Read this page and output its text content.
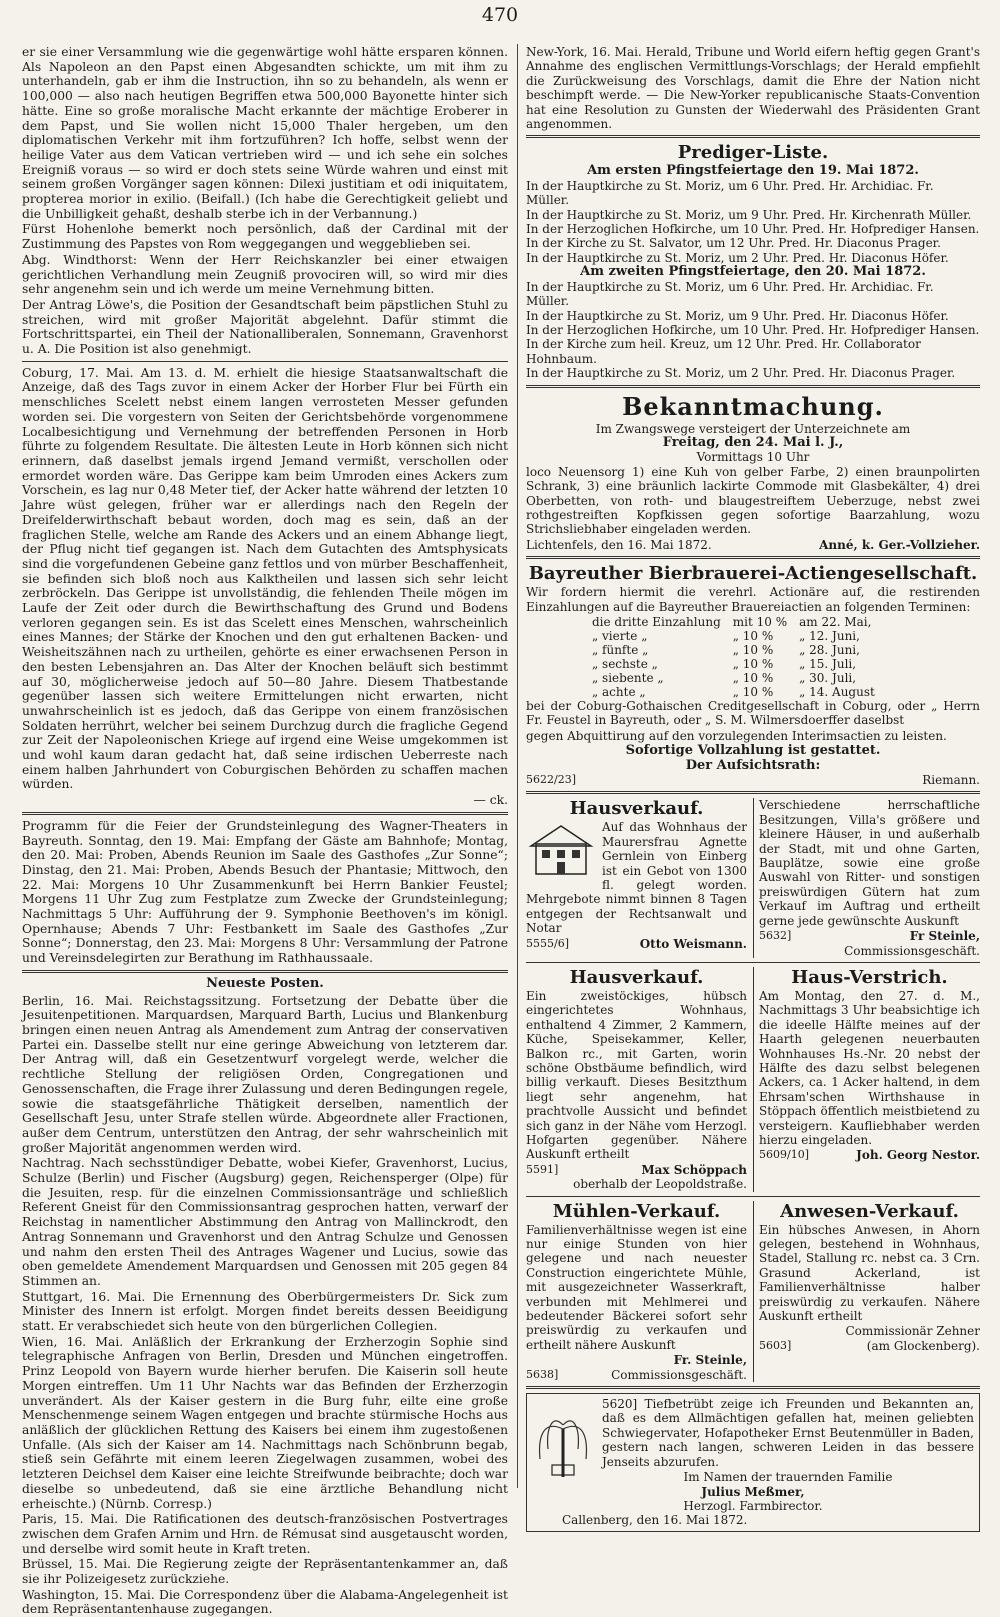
470

er sie einer Versammlung wie die gegenwärtige wohl hätte ersparen können. Als Napoleon an den Papst einen Abgesandten schickte, um mit ihm zu unterhandeln, gab er ihm die Instruction, ihn so zu behandeln, als wenn er 100,000 — also nach heutigen Begriffen etwa 500,000 Bayonette hinter sich hätte. Eine so große moralische Macht erkannte der mächtige Eroberer in dem Papst, und Sie wollen nicht 15,000 Thaler hergeben, um den diplomatischen Verkehr mit ihm fortzuführen? Ich hoffe, selbst wenn der heilige Vater aus dem Vatican vertrieben wird — und ich sehe ein solches Ereigniß voraus — so wird er doch stets seine Würde wahren und einst mit seinem großen Vorgänger sagen können: Dilexi justitiam et odi iniquitatem, propterea morior in exilio. (Beifall.) (Ich habe die Gerechtigkeit geliebt und die Unbilligkeit gehaßt, deshalb sterbe ich in der Verbannung.)

Fürst Hohenlohe bemerkt noch persönlich, daß der Cardinal mit der Zustimmung des Papstes von Rom weggegangen und weggeblieben sei.

Abg. Windthorst: Wenn der Herr Reichskanzler bei einer etwaigen gerichtlichen Verhandlung mein Zeugniß provociren will, so wird mir dies sehr angenehm sein und ich werde um meine Vernehmung bitten.

Der Antrag Löwe's, die Position der Gesandtschaft beim päpstlichen Stuhl zu streichen, wird mit großer Majorität abgelehnt. Dafür stimmt die Fortschrittspartei, ein Theil der Nationalliberalen, Sonnemann, Gravenhorst u. A. Die Position ist also genehmigt.

Coburg, 17. Mai. Am 13. d. M. erhielt die hiesige Staatsanwaltschaft die Anzeige, daß des Tags zuvor in einem Acker der Horber Flur bei Fürth ein menschliches Scelett nebst einem langen verrosteten Messer gefunden worden sei. Die vorgestern von Seiten der Gerichtsbehörde vorgenommene Localbesichtigung und Vernehmung der betreffenden Personen in Horb führte zu folgendem Resultate. Die ältesten Leute in Horb können sich nicht erinnern, daß daselbst jemals irgend Jemand vermißt, verschollen oder ermordet worden wäre. Das Gerippe kam beim Umroden eines Ackers zum Vorschein, es lag nur 0,48 Meter tief, der Acker hatte während der letzten 10 Jahre wüst gelegen, früher war er allerdings nach den Regeln der Dreifelderwirthschaft bebaut worden, doch mag es sein, daß an der fraglichen Stelle, welche am Rande des Ackers und an einem Abhange liegt, der Pflug nicht tief gegangen ist. Nach dem Gutachten des Amtsphysicats sind die vorgefundenen Gebeine ganz fettlos und von mürber Beschaffenheit, sie befinden sich bloß noch aus Kalktheilen und lassen sich sehr leicht zerbröckeln. Das Gerippe ist unvollständig, die fehlenden Theile mögen im Laufe der Zeit oder durch die Bewirthschaftung des Grund und Bodens verloren gegangen sein. Es ist das Scelett eines Menschen, wahrscheinlich eines Mannes; der Stärke der Knochen und den gut erhaltenen Backen- und Weisheitszähnen nach zu urtheilen, gehörte es einer erwachsenen Person in den besten Lebensjahren an. Das Alter der Knochen beläuft sich bestimmt auf 30, möglicherweise jedoch auf 50—80 Jahre. Diesem Thatbestande gegenüber lassen sich weitere Ermittelungen nicht erwarten, nicht unwahrscheinlich ist es jedoch, daß das Gerippe von einem französischen Soldaten herrührt, welcher bei seinem Durchzug durch die fragliche Gegend zur Zeit der Napoleonischen Kriege auf irgend eine Weise umgekommen ist und wohl kaum daran gedacht hat, daß seine irdischen Ueberreste nach einem halben Jahrhundert von Coburgischen Behörden zu schaffen machen würden.

— ck.

Programm für die Feier der Grundsteinlegung des Wagner-Theaters in Bayreuth. Sonntag, den 19. Mai: Empfang der Gäste am Bahnhofe; Montag, den 20. Mai: Proben, Abends Reunion im Saale des Gasthofes „Zur Sonne“; Dinstag, den 21. Mai: Proben, Abends Besuch der Phantasie; Mittwoch, den 22. Mai: Morgens 10 Uhr Zusammenkunft bei Herrn Bankier Feustel; Morgens 11 Uhr Zug zum Festplatze zum Zwecke der Grundsteinlegung; Nachmittags 5 Uhr: Aufführung der 9. Symphonie Beethoven's im königl. Opernhause; Abends 7 Uhr: Festbankett im Saale des Gasthofes „Zur Sonne“; Donnerstag, den 23. Mai: Morgens 8 Uhr: Versammlung der Patrone und Vereinsdelegirten zur Berathung im Rathhaussaale.

Neueste Posten.

Berlin, 16. Mai. Reichstagssitzung. Fortsetzung der Debatte über die Jesuitenpetitionen. Marquardsen, Marquard Barth, Lucius und Blankenburg bringen einen neuen Antrag als Amendement zum Antrag der conservativen Partei ein. Dasselbe stellt nur eine geringe Abweichung von letzterem dar. Der Antrag will, daß ein Gesetzentwurf vorgelegt werde, welcher die rechtliche Stellung der religiösen Orden, Congregationen und Genossenschaften, die Frage ihrer Zulassung und deren Bedingungen regele, sowie die staatsgefährliche Thätigkeit derselben, namentlich der Gesellschaft Jesu, unter Strafe stellen würde. Abgeordnete aller Fractionen, außer dem Centrum, unterstützen den Antrag, der sehr wahrscheinlich mit großer Majorität angenommen werden wird.

Nachtrag. Nach sechsstündiger Debatte, wobei Kiefer, Gravenhorst, Lucius, Schulze (Berlin) und Fischer (Augsburg) gegen, Reichensperger (Olpe) für die Jesuiten, resp. für die einzelnen Commissionsanträge und schließlich Referent Gneist für den Commissionsantrag gesprochen hatten, verwarf der Reichstag in namentlicher Abstimmung den Antrag von Mallinckrodt, den Antrag Sonnemann und Gravenhorst und den Antrag Schulze und Genossen und nahm den ersten Theil des Antrages Wagener und Lucius, sowie das oben gemeldete Amendement Marquardsen und Genossen mit 205 gegen 84 Stimmen an.

Stuttgart, 16. Mai. Die Ernennung des Oberbürgermeisters Dr. Sick zum Minister des Innern ist erfolgt. Morgen findet bereits dessen Beeidigung statt. Er verabschiedet sich heute von den bürgerlichen Collegien.

Wien, 16. Mai. Anläßlich der Erkrankung der Erzherzogin Sophie sind telegraphische Anfragen von Berlin, Dresden und München eingetroffen. Prinz Leopold von Bayern wurde hierher berufen. Die Kaiserin soll heute Morgen eintreffen. Um 11 Uhr Nachts war das Befinden der Erzherzogin unverändert. Als der Kaiser gestern in die Burg fuhr, eilte eine große Menschenmenge seinem Wagen entgegen und brachte stürmische Hochs aus anläßlich der glücklichen Rettung des Kaisers bei einem ihm zugestoßenen Unfalle. (Als sich der Kaiser am 14. Nachmittags nach Schönbrunn begab, stieß sein Gefährte mit einem leeren Ziegelwagen zusammen, wobei des letzteren Deichsel dem Kaiser eine leichte Streifwunde beibrachte; doch war dieselbe so unbedeutend, daß sie eine ärztliche Behandlung nicht erheischte.) (Nürnb. Corresp.)

Paris, 15. Mai. Die Ratificationen des deutsch-französischen Postvertrages zwischen dem Grafen Arnim und Hrn. de Rémusat sind ausgetauscht worden, und derselbe wird somit heute in Kraft treten.

Brüssel, 15. Mai. Die Regierung zeigte der Repräsentantenkammer an, daß sie ihr Polizeigesetz zurückziehe.

Washington, 15. Mai. Die Correspondenz über die Alabama-Angelegenheit ist dem Repräsentantenhause zugegangen.

New-York, 16. Mai. Herald, Tribune und World eifern heftig gegen Grant's Annahme des englischen Vermittlungs-Vorschlags; der Herald empfiehlt die Zurückweisung des Vorschlags, damit die Ehre der Nation nicht beschimpft werde. — Die New-Yorker republicanische Staats-Convention hat eine Resolution zu Gunsten der Wiederwahl des Präsidenten Grant angenommen.

Prediger-Liste.
Am ersten Pfingstfeiertage den 19. Mai 1872.
In der Hauptkirche zu St. Moriz, um 6 Uhr. Pred. Hr. Archidiac. Fr. Müller.
In der Hauptkirche zu St. Moriz, um 9 Uhr. Pred. Hr. Kirchenrath Müller.
In der Herzoglichen Hofkirche, um 10 Uhr. Pred. Hr. Hofprediger Hansen.
In der Kirche zu St. Salvator, um 12 Uhr. Pred. Hr. Diaconus Prager.
In der Hauptkirche zu St. Moriz, um 2 Uhr. Pred. Hr. Diaconus Höfer.
Am zweiten Pfingstfeiertage, den 20. Mai 1872.
In der Hauptkirche zu St. Moriz, um 6 Uhr. Pred. Hr. Archidiac. Fr. Müller.
In der Hauptkirche zu St. Moriz, um 9 Uhr. Pred. Hr. Diaconus Höfer.
In der Herzoglichen Hofkirche, um 10 Uhr. Pred. Hr. Hofprediger Hansen.
In der Kirche zum heil. Kreuz, um 12 Uhr. Pred. Hr. Collaborator Hohnbaum.
In der Hauptkirche zu St. Moriz, um 2 Uhr. Pred. Hr. Diaconus Prager.
Bekanntmachung.
Im Zwangswege versteigert der Unterzeichnete am
Freitag, den 24. Mai l. J.,
Vormittags 10 Uhr

loco Neuensorg 1) eine Kuh von gelber Farbe, 2) einen braunpolirten Schrank, 3) eine bräunlich lackirte Commode mit Glasbekälter, 4) drei Oberbetten, von roth- und blaugestreiftem Ueberzuge, nebst zwei rothgestreiften Kopfkissen gegen sofortige Baarzahlung, wozu Strichsliebhaber eingeladen werden.

Lichtenfels, den 16. Mai 1872.	Anné, k. Ger.-Vollzieher.
Bayreuther Bierbrauerei-Actiengesellschaft.

Wir fordern hiermit die verehrl. Actionäre auf, die restirenden Einzahlungen auf die Bayreuther Brauereiactien an folgenden Terminen:

die dritte Einzahlung	mit 10 %	am 22. Mai,
„ vierte „	„ 10 %	„ 12. Juni,
„ fünfte „	„ 10 %	„ 28. Juni,
„ sechste „	„ 10 %	„ 15. Juli,
„ siebente „	„ 10 %	„ 30. Juli,
„ achte „	„ 10 %	„ 14. August

bei der Coburg-Gothaischen Creditgesellschaft in Coburg, oder „ Herrn Fr. Feustel in Bayreuth, oder „ S. M. Wilmersdoerffer daselbst

gegen Abquittirung auf den vorzulegenden Interimsactien zu leisten.

Sofortige Vollzahlung ist gestattet.
Der Aufsichtsrath:
5622/23]	Riemann.
Hausverkauf.

Auf das Wohnhaus der Maurersfrau Agnette Gernlein von Einberg ist ein Gebot von 1300 fl. gelegt worden. Mehrgebote nimmt binnen 8 Tagen entgegen der Rechtsanwalt und Notar

5555/6]	Otto Weismann.

Verschiedene herrschaftliche Besitzungen, Villa's größere und kleinere Häuser, in und außerhalb der Stadt, mit und ohne Garten, Bauplätze, sowie eine große Auswahl von Ritter- und sonstigen preiswürdigen Gütern hat zum Verkauf im Auftrag und ertheilt gerne jede gewünschte Auskunft

5632]	Fr Steinle,
Commissionsgeschäft.
Hausverkauf.

Ein zweistöckiges, hübsch eingerichtetes Wohnhaus, enthaltend 4 Zimmer, 2 Kammern, Küche, Speisekammer, Keller, Balkon rc., mit Garten, worin schöne Obstbäume befindlich, wird billig verkauft. Dieses Besitzthum liegt sehr angenehm, hat prachtvolle Aussicht und befindet sich ganz in der Nähe vom Herzogl. Hofgarten gegenüber. Nähere Auskunft ertheilt

5591]	Max Schöppach
oberhalb der Leopoldstraße.
Haus-Verstrich.

Am Montag, den 27. d. M., Nachmittags 3 Uhr beabsichtige ich die ideelle Hälfte meines auf der Haarth gelegenen neuerbauten Wohnhauses Hs.-Nr. 20 nebst der Hälfte des dazu selbst belegenen Ackers, ca. 1 Acker haltend, in dem Ehrsam'schen Wirthshause in Stöppach öffentlich meistbietend zu versteigern. Kaufliebhaber werden hierzu eingeladen.

5609/10]	Joh. Georg Nestor.
Mühlen-Verkauf.

Familienverhältnisse wegen ist eine nur einige Stunden von hier gelegene und nach neuester Construction eingerichtete Mühle, mit ausgezeichneter Wasserkraft, verbunden mit Mehlmerei und bedeutender Bäckerei sofort sehr preiswürdig zu verkaufen und ertheilt nähere Auskunft

Fr. Steinle,
5638]	Commissionsgeschäft.
Anwesen-Verkauf.

Ein hübsches Anwesen, in Ahorn gelegen, bestehend in Wohnhaus, Stadel, Stallung rc. nebst ca. 3 Crn. Grasund Ackerland, ist Familienverhältnisse halber preiswürdig zu verkaufen. Nähere Auskunft ertheilt

Commissionär Zehner
5603]	(am Glockenberg).

5620] Tiefbetrübt zeige ich Freunden und Bekannten an, daß es dem Allmächtigen gefallen hat, meinen geliebten Schwiegervater, Hofapotheker Ernst Beutenmüller in Baden, gestern nach langen, schweren Leiden in das bessere Jenseits abzurufen.

Im Namen der trauernden Familie
Julius Meßmer,
Herzogl. Farmbirector.
Callenberg, den 16. Mai 1872.
